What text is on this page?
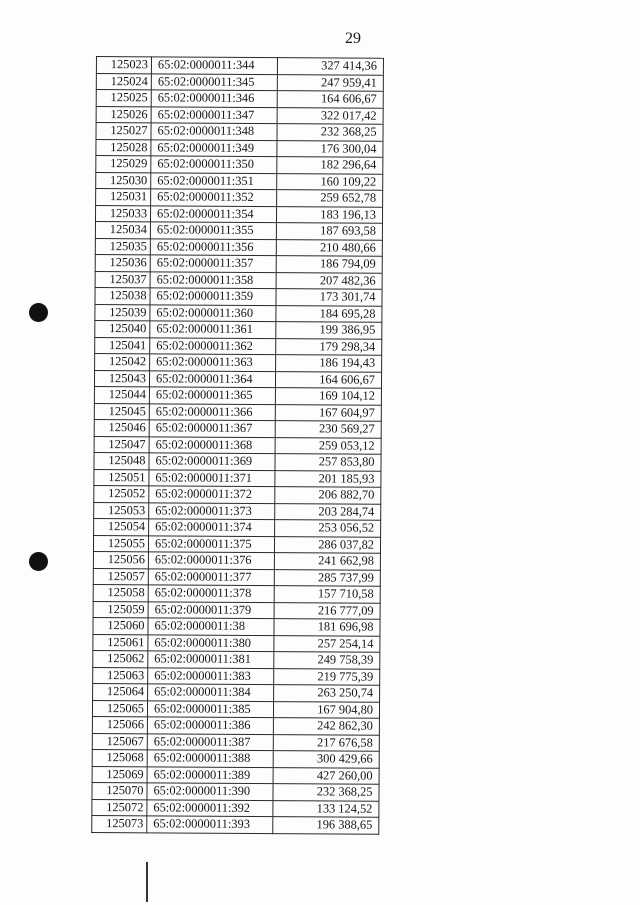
29
125023	65:02:0000011:344	327 414,36
125024	65:02:0000011:345	247 959,41
125025	65:02:0000011:346	164 606,67
125026	65:02:0000011:347	322 017,42
125027	65:02:0000011:348	232 368,25
125028	65:02:0000011:349	176 300,04
125029	65:02:0000011:350	182 296,64
125030	65:02:0000011:351	160 109,22
125031	65:02:0000011:352	259 652,78
125033	65:02:0000011:354	183 196,13
125034	65:02:0000011:355	187 693,58
125035	65:02:0000011:356	210 480,66
125036	65:02:0000011:357	186 794,09
125037	65:02:0000011:358	207 482,36
125038	65:02:0000011:359	173 301,74
125039	65:02:0000011:360	184 695,28
125040	65:02:0000011:361	199 386,95
125041	65:02:0000011:362	179 298,34
125042	65:02:0000011:363	186 194,43
125043	65:02:0000011:364	164 606,67
125044	65:02:0000011:365	169 104,12
125045	65:02:0000011:366	167 604,97
125046	65:02:0000011:367	230 569,27
125047	65:02:0000011:368	259 053,12
125048	65:02:0000011:369	257 853,80
125051	65:02:0000011:371	201 185,93
125052	65:02:0000011:372	206 882,70
125053	65:02:0000011:373	203 284,74
125054	65:02:0000011:374	253 056,52
125055	65:02:0000011:375	286 037,82
125056	65:02:0000011:376	241 662,98
125057	65:02:0000011:377	285 737,99
125058	65:02:0000011:378	157 710,58
125059	65:02:0000011:379	216 777,09
125060	65:02:0000011:38	181 696,98
125061	65:02:0000011:380	257 254,14
125062	65:02:0000011:381	249 758,39
125063	65:02:0000011:383	219 775,39
125064	65:02:0000011:384	263 250,74
125065	65:02:0000011:385	167 904,80
125066	65:02:0000011:386	242 862,30
125067	65:02:0000011:387	217 676,58
125068	65:02:0000011:388	300 429,66
125069	65:02:0000011:389	427 260,00
125070	65:02:0000011:390	232 368,25
125072	65:02:0000011:392	133 124,52
125073	65:02:0000011:393	196 388,65
